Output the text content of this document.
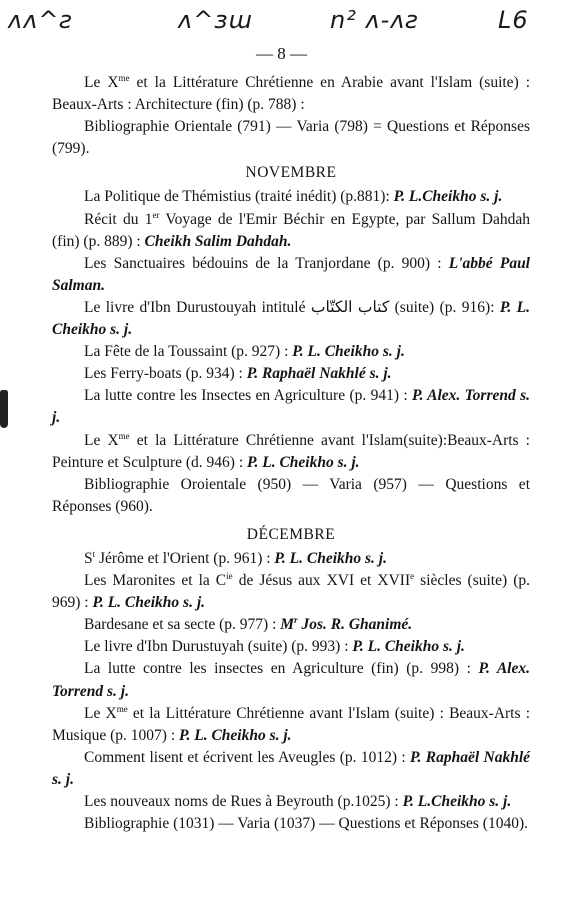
ʌʌ^ƨ	ʌ^ɜɯ	n² ʌ-ʌƨ	L6
— 8 —

Le $X^{me}$ et la Littérature Chrétienne en Arabie avant l'Islam (suite) : Beaux-Arts : Architecture (fin) (p. 788) :

Bibliographie Orientale (791) — Varia (798) = Questions et Réponses (799).

NOVEMBRE

La Politique de Thémistius (traité inédit) (p.881): P. L.Cheikho s. j.

Récit du 1er Voyage de l'Emir Béchir en Egypte, par Sallum Dahdah (fin) (p. 889) : Cheikh Salim Dahdah.

Les Sanctuaires bédouins de la Tranjordane (p. 900) : L'abbé Paul Salman.

Le livre d'Ibn Durustouyah intitulé كتاب الكتّاب (suite) (p. 916): P. L. Cheikho s. j.

La Fête de la Toussaint (p. 927) : P. L. Cheikho s. j.

Les Ferry-boats (p. 934) : P. Raphaël Nakhlé s. j.

La lutte contre les Insectes en Agriculture (p. 941) : P. Alex. Torrend s. j.

Le $X^{me}$ et la Littérature Chrétienne avant l'Islam(suite):Beaux-Arts : Peinture et Sculpture (d. 946) : P. L. Cheikho s. j.

Bibliographie Oroientale (950) — Varia (957) — Questions et Réponses (960).

DÉCEMBRE

$S^t$ Jérôme et l'Orient (p. 961) : P. L. Cheikho s. j.

Les Maronites et la $C^{ie}$ de Jésus aux XVI et XVIIe siècles (suite) (p. 969) : P. L. Cheikho s. j.

Bardesane et sa secte (p. 977) : $M^r$ Jos. R. Ghanimé.

Le livre d'Ibn Durustuyah (suite) (p. 993) : P. L. Cheikho s. j.

La lutte contre les insectes en Agriculture (fin) (p. 998) : P. Alex. Torrend s. j.

Le $X^{me}$ et la Littérature Chrétienne avant l'Islam (suite) : Beaux-Arts : Musique (p. 1007) : P. L. Cheikho s. j.

Comment lisent et écrivent les Aveugles (p. 1012) : P. Raphaël Nakhlé s. j.

Les nouveaux noms de Rues à Beyrouth (p.1025) : P. L.Cheikho s. j.

Bibliographie (1031) — Varia (1037) — Questions et Réponses (1040).
